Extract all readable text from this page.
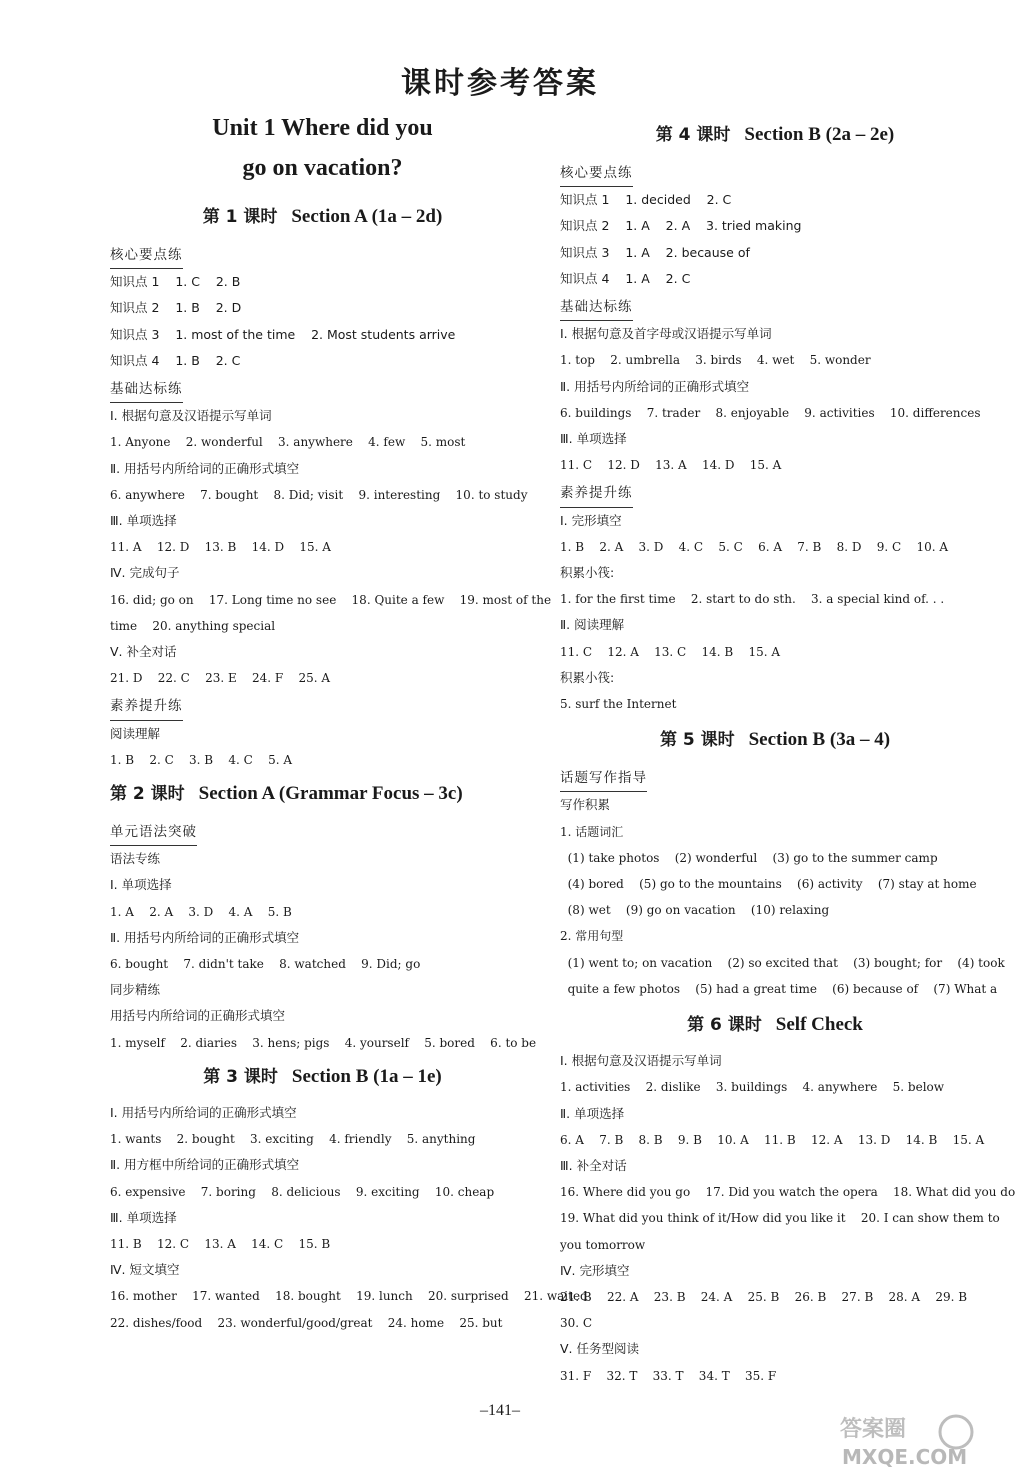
课时参考答案
Unit 1 Where did you
go on vacation?
第 1 课时 Section A (1a – 2d)
核心要点练
知识点 1    1. C    2. B
知识点 2    1. B    2. D
知识点 3    1. most of the time    2. Most students arrive
知识点 4    1. B    2. C
基础达标练
Ⅰ. 根据句意及汉语提示写单词
1. Anyone    2. wonderful    3. anywhere    4. few    5. most
Ⅱ. 用括号内所给词的正确形式填空
6. anywhere    7. bought    8. Did; visit    9. interesting    10. to study
Ⅲ. 单项选择
11. A    12. D    13. B    14. D    15. A
Ⅳ. 完成句子
16. did; go on    17. Long time no see    18. Quite a few    19. most of the
time    20. anything special
Ⅴ. 补全对话
21. D    22. C    23. E    24. F    25. A
素养提升练
阅读理解
1. B    2. C    3. B    4. C    5. A
第 2 课时 Section A (Grammar Focus – 3c)
单元语法突破
语法专练
Ⅰ. 单项选择
1. A    2. A    3. D    4. A    5. B
Ⅱ. 用括号内所给词的正确形式填空
6. bought    7. didn't take    8. watched    9. Did; go
同步精练
用括号内所给词的正确形式填空
1. myself    2. diaries    3. hens; pigs    4. yourself    5. bored    6. to be
第 3 课时 Section B (1a – 1e)
Ⅰ. 用括号内所给词的正确形式填空
1. wants    2. bought    3. exciting    4. friendly    5. anything
Ⅱ. 用方框中所给词的正确形式填空
6. expensive    7. boring    8. delicious    9. exciting    10. cheap
Ⅲ. 单项选择
11. B    12. C    13. A    14. C    15. B
Ⅳ. 短文填空
16. mother    17. wanted    18. bought    19. lunch    20. surprised    21. waited
22. dishes/food    23. wonderful/good/great    24. home    25. but
第 4 课时 Section B (2a – 2e)
核心要点练
知识点 1    1. decided    2. C
知识点 2    1. A    2. A    3. tried making
知识点 3    1. A    2. because of
知识点 4    1. A    2. C
基础达标练
Ⅰ. 根据句意及首字母或汉语提示写单词
1. top    2. umbrella    3. birds    4. wet    5. wonder
Ⅱ. 用括号内所给词的正确形式填空
6. buildings    7. trader    8. enjoyable    9. activities    10. differences
Ⅲ. 单项选择
11. C    12. D    13. A    14. D    15. A
素养提升练
Ⅰ. 完形填空
1. B    2. A    3. D    4. C    5. C    6. A    7. B    8. D    9. C    10. A
积累小筏:
1. for the first time    2. start to do sth.    3. a special kind of. . .
Ⅱ. 阅读理解
11. C    12. A    13. C    14. B    15. A
积累小筏:
5. surf the Internet
第 5 课时 Section B (3a – 4)
话题写作指导
写作积累
1. 话题词汇
(1) take photos    (2) wonderful    (3) go to the summer camp
(4) bored    (5) go to the mountains    (6) activity    (7) stay at home
(8) wet    (9) go on vacation    (10) relaxing
2. 常用句型
(1) went to; on vacation    (2) so excited that    (3) bought; for    (4) took
quite a few photos    (5) had a great time    (6) because of    (7) What a
第 6 课时 Self Check
Ⅰ. 根据句意及汉语提示写单词
1. activities    2. dislike    3. buildings    4. anywhere    5. below
Ⅱ. 单项选择
6. A    7. B    8. B    9. B    10. A    11. B    12. A    13. D    14. B    15. A
Ⅲ. 补全对话
16. Where did you go    17. Did you watch the opera    18. What did you do
19. What did you think of it/How did you like it    20. I can show them to
you tomorrow
Ⅳ. 完形填空
21. B    22. A    23. B    24. A    25. B    26. B    27. B    28. A    29. B
30. C
Ⅴ. 任务型阅读
31. F    32. T    33. T    34. T    35. F
–141–
答案圈
MXQE.COM
